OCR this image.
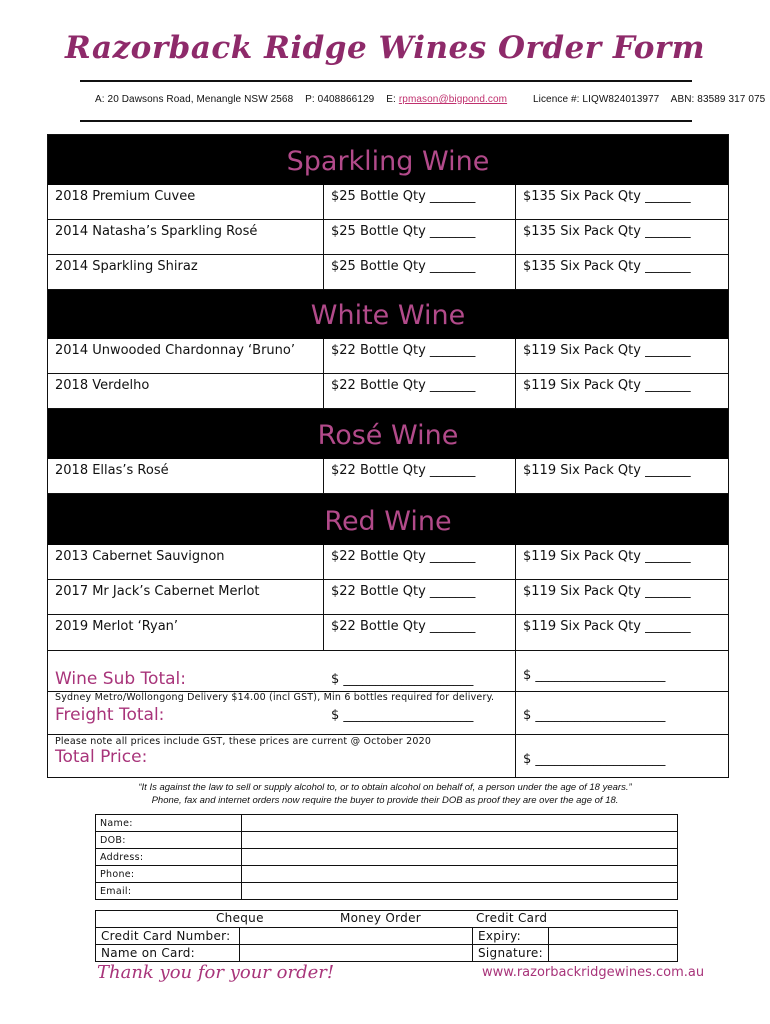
Razorback Ridge Wines Order Form
A: 20 Dawsons Road, Menangle NSW 2568 P: 0408866129 E: rpmason@bigpond.com	Licence #: LIQW824013977 ABN: 83589 317 075
Sparkling Wine
2018 Premium Cuvee	$25 Bottle Qty _______	$135 Six Pack Qty _______
2014 Natasha’s Sparkling Rosé	$25 Bottle Qty _______	$135 Six Pack Qty _______
2014 Sparkling Shiraz	$25 Bottle Qty _______	$135 Six Pack Qty _______
White Wine
2014 Unwooded Chardonnay ‘Bruno’	$22 Bottle Qty _______	$119 Six Pack Qty _______
2018 Verdelho	$22 Bottle Qty _______	$119 Six Pack Qty _______
Rosé Wine
2018 Ellas’s Rosé	$22 Bottle Qty _______	$119 Six Pack Qty _______
Red Wine
2013 Cabernet Sauvignon	$22 Bottle Qty _______	$119 Six Pack Qty _______
2017 Mr Jack’s Cabernet Merlot	$22 Bottle Qty _______	$119 Six Pack Qty _______
2019 Merlot ‘Ryan’	$22 Bottle Qty _______	$119 Six Pack Qty _______
Wine Sub Total:	$ ____________________	$ ____________________
Sydney Metro/Wollongong Delivery $14.00 (incl GST), Min 6 bottles required for delivery.
Freight Total:	$ ____________________	$ ____________________
Please note all prices include GST, these prices are current @ October 2020
Total Price:	$ ____________________
“It Is against the law to sell or supply alcohol to, or to obtain alcohol on behalf of, a person under the age of 18 years.”
Phone, fax and internet orders now require the buyer to provide their DOB as proof they are over the age of 18.
Name:	
DOB:	
Address:	
Phone:	
Email:	
Cheque Money Order Credit Card			

Credit Card Number:		Expiry:	
Name on Card:		Signature:	
Thank you for your order!	www.razorbackridgewines.com.au
